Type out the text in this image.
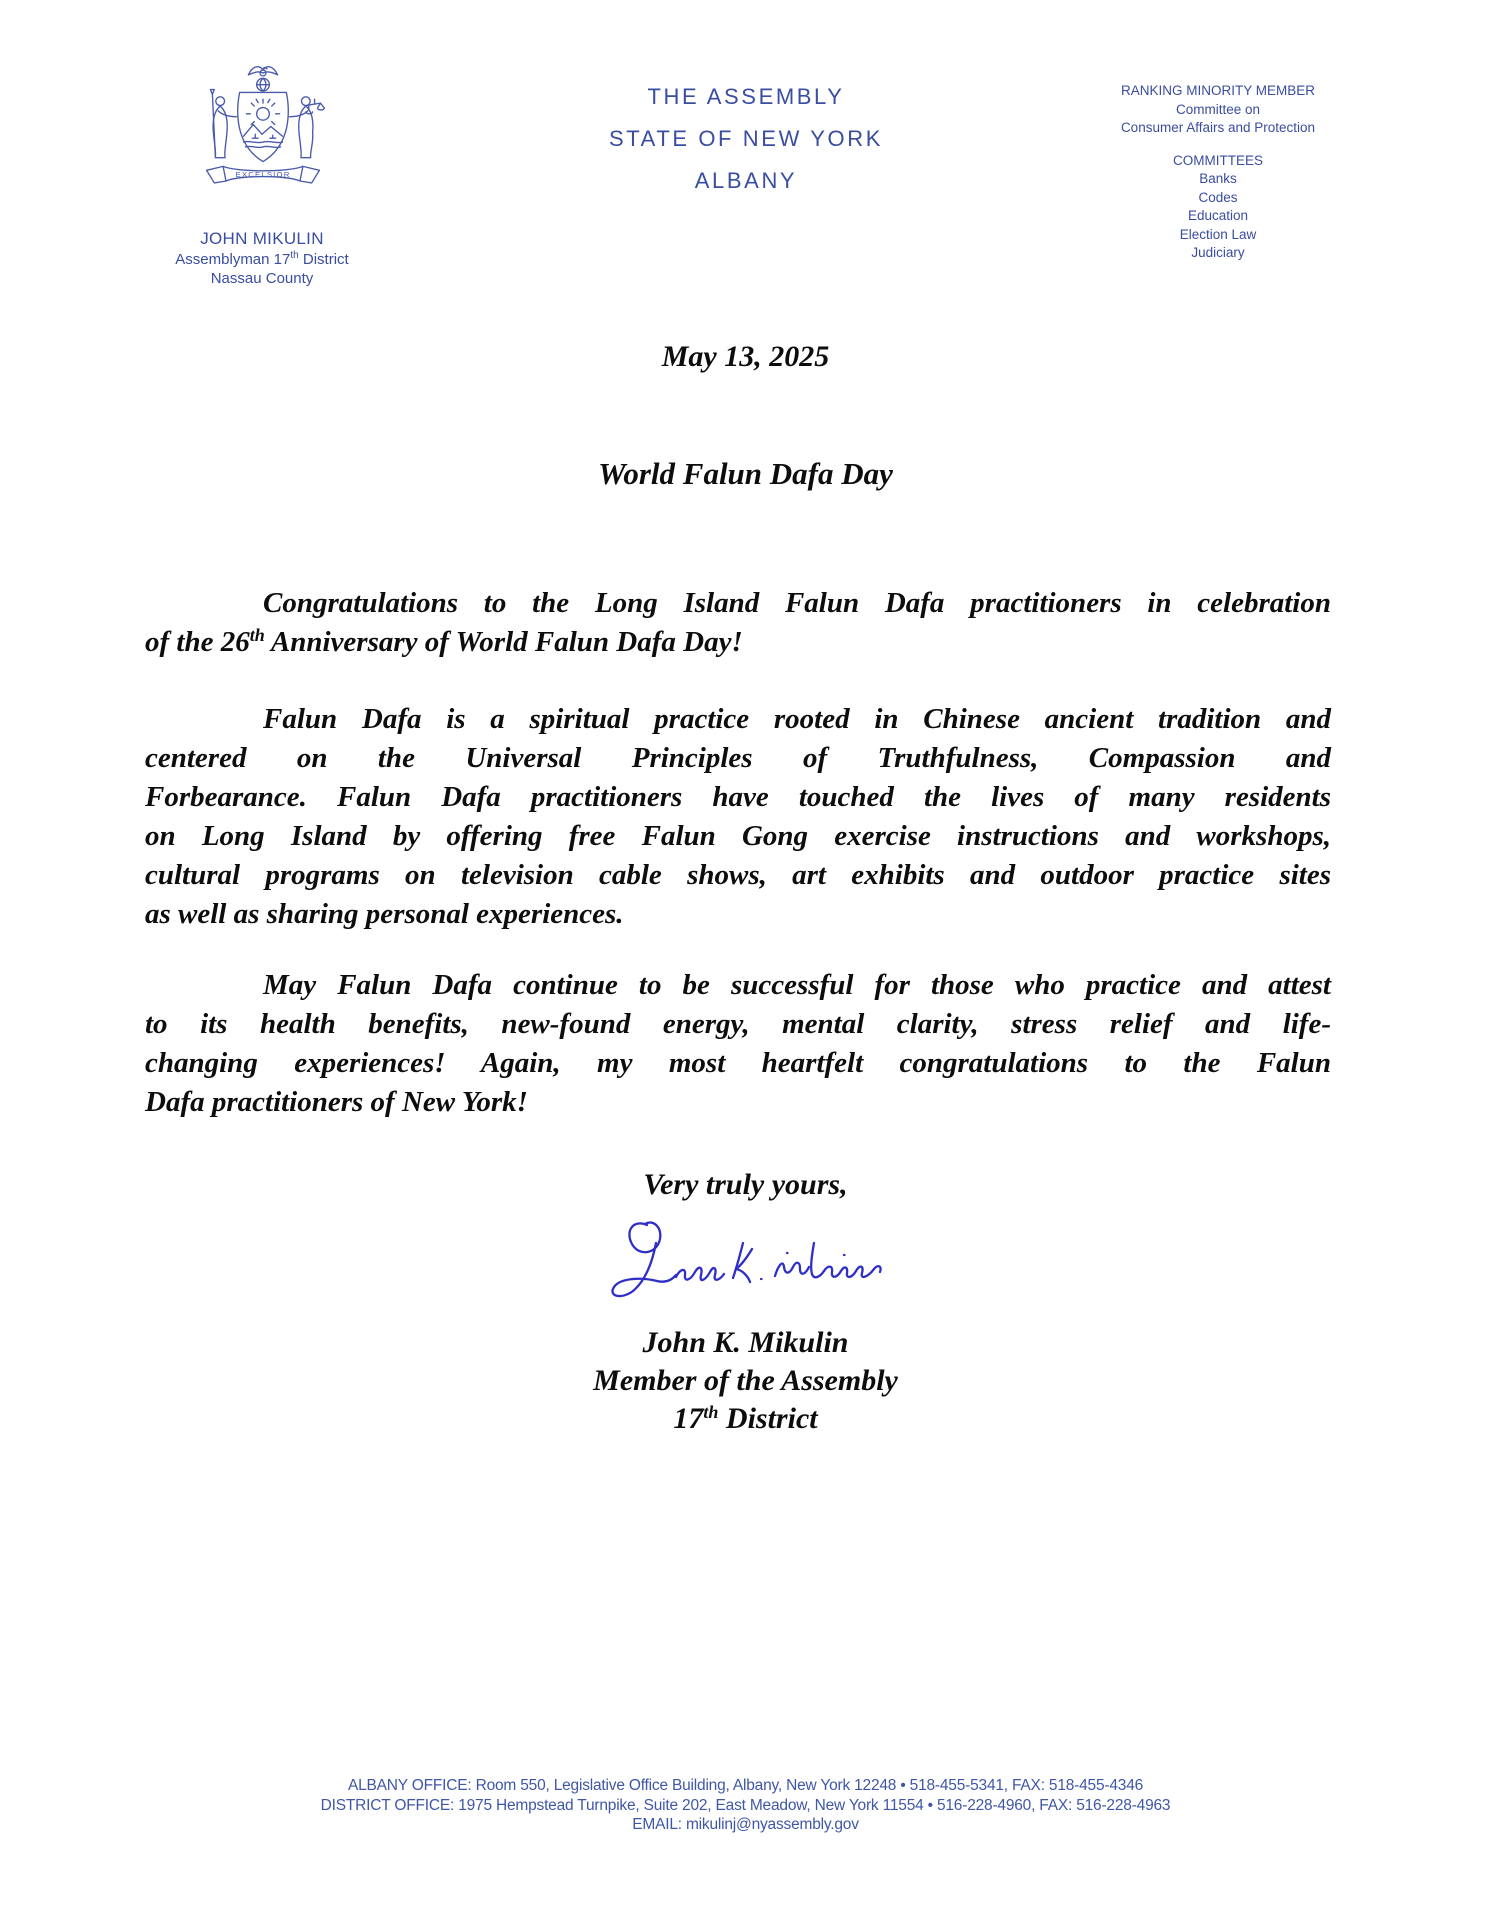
EXCELSIOR
JOHN MIKULIN
Assemblyman 17th District
Nassau County
THE ASSEMBLY
STATE OF NEW YORK
ALBANY
RANKING MINORITY MEMBER
Committee on
Consumer Affairs and Protection
COMMITTEES
Banks
Codes
Education
Election Law
Judiciary
May 13, 2025
World Falun Dafa Day
Congratulations to the Long Island Falun Dafa practitioners in celebration
of the 26th Anniversary of World Falun Dafa Day!
Falun Dafa is a spiritual practice rooted in Chinese ancient tradition and
centered on the Universal Principles of Truthfulness, Compassion and
Forbearance. Falun Dafa practitioners have touched the lives of many residents
on Long Island by offering free Falun Gong exercise instructions and workshops,
cultural programs on television cable shows, art exhibits and outdoor practice sites
as well as sharing personal experiences.
May Falun Dafa continue to be successful for those who practice and attest
to its health benefits, new-found energy, mental clarity, stress relief and life-
changing experiences! Again, my most heartfelt congratulations to the Falun
Dafa practitioners of New York!
Very truly yours,
John K. Mikulin
Member of the Assembly
17th District
ALBANY OFFICE: Room 550, Legislative Office Building, Albany, New York 12248 • 518-455-5341, FAX: 518-455-4346
DISTRICT OFFICE: 1975 Hempstead Turnpike, Suite 202, East Meadow, New York 11554 • 516-228-4960, FAX: 516-228-4963
EMAIL: mikulinj@nyassembly.gov
